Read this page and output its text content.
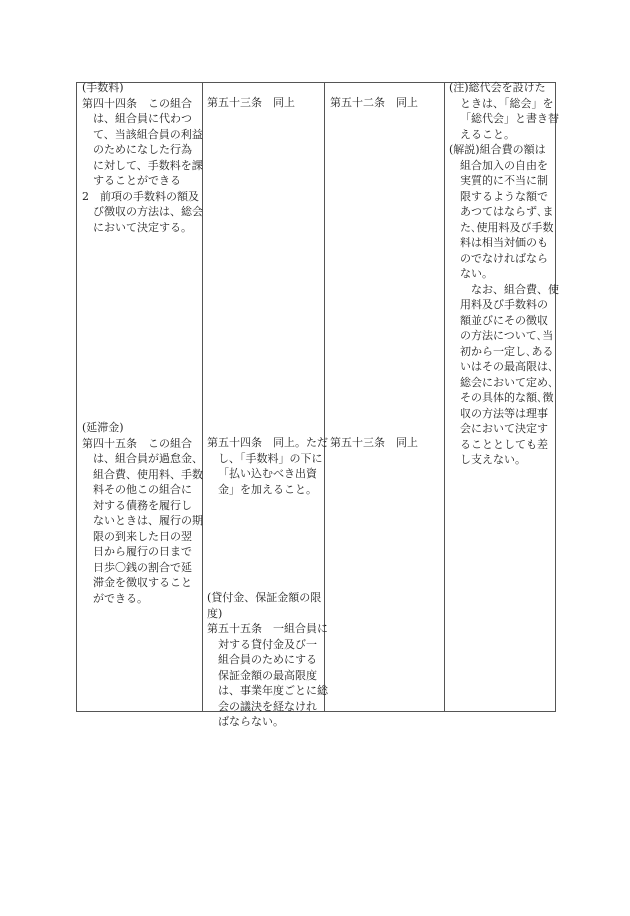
(手数料)
第四十四条　この組合
は、組合員に代わつ
て、当該組合員の利益
のためになした行為
に対して、手数料を課
することができる
2　前項の手数料の額及
び徴収の方法は、総会
において決定する。
第五十三条　同上	第五十二条　同上
(注)総代会を設けた
ときは、「総会」を
「総代会」と書き替
えること。
(解説)組合費の額は
組合加入の自由を
実質的に不当に制
限するような額で
あつてはならず､ま
た､使用料及び手数
料は相当対価のも
のでなければなら
ない。
　なお、組合費、使
用料及び手数料の
額並びにその徴収
の方法について､当
初から一定し､ある
いはその最高限は､
総会において定め､
その具体的な額､徴
収の方法等は理事
会において決定す
ることとしても差
し支えない。
(延滞金)
第四十五条　この組合
は、組合員が過怠金、
組合費、使用料、手数
料その他この組合に
対する債務を履行し
ないときは、履行の期
限の到来した日の翌
日から履行の日まで
日歩〇銭の割合で延
滞金を徴収すること
ができる。
第五十四条　同上。ただ
し、「手数料」の下に
「払い込むべき出資
金」を加えること。
第五十三条　同上
(貸付金、保証金額の限
度)
第五十五条　一組合員に
対する貸付金及び一
組合員のためにする
保証金額の最高限度
は、事業年度ごとに総
会の議決を経なけれ
ばならない。
